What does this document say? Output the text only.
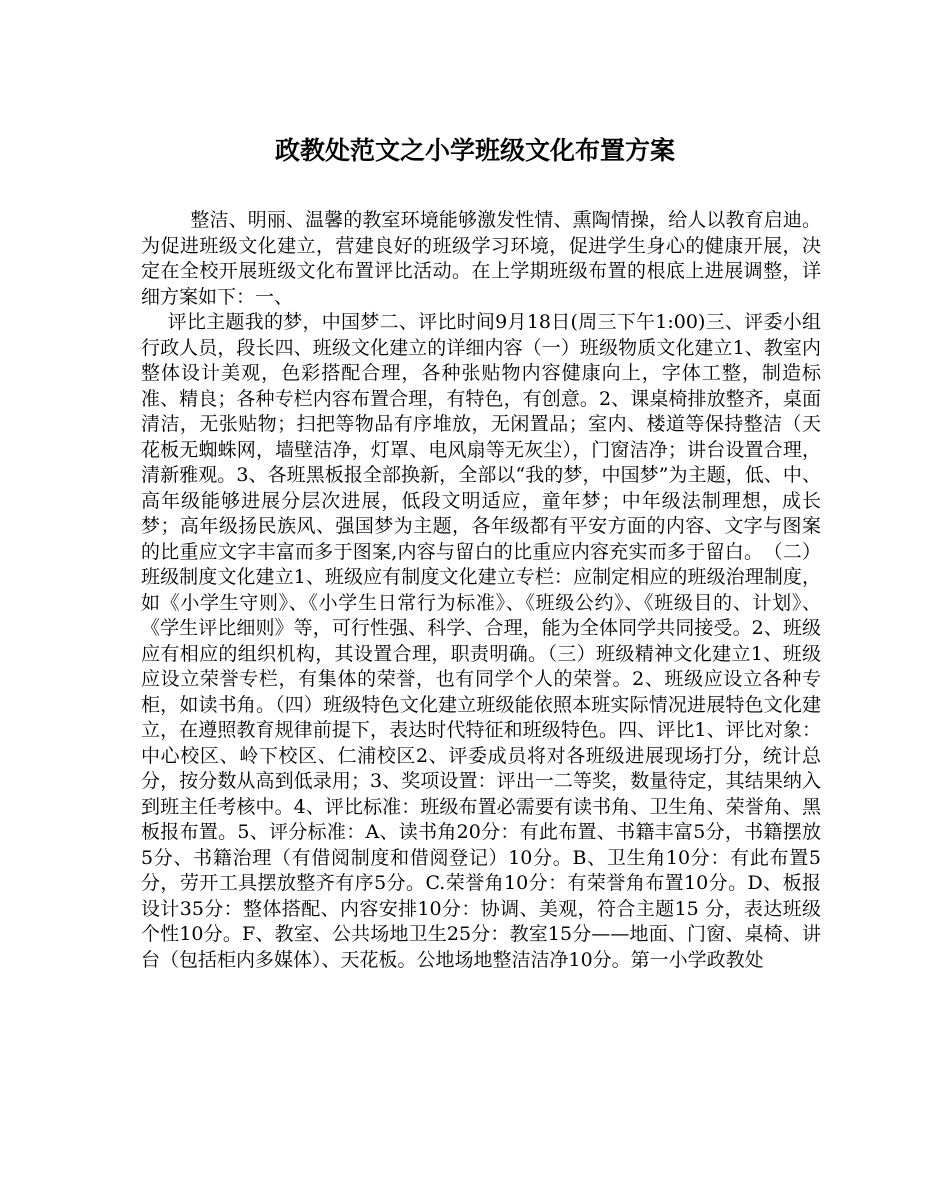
政教处范文之小学班级文化布置方案

整洁、明丽、温馨的教室环境能够激发性情、熏陶情操，给人以教育启迪。为促进班级文化建立，营建良好的班级学习环境，促进学生身心的健康开展，决定在全校开展班级文化布置评比活动。在上学期班级布置的根底上进展调整，详细方案如下：一、

评比主题我的梦，中国梦二、评比时间9月18日(周三下午1:00)三、评委小组行政人员，段长四、班级文化建立的详细内容（一）班级物质文化建立1、教室内整体设计美观，色彩搭配合理，各种张贴物内容健康向上，字体工整，制造标准、精良；各种专栏内容布置合理，有特色，有创意。2、课桌椅排放整齐，桌面清洁，无张贴物；扫把等物品有序堆放，无闲置品；室内、楼道等保持整洁（天花板无蜘蛛网，墙壁洁净，灯罩、电风扇等无灰尘），门窗洁净；讲台设置合理，清新雅观。3、各班黑板报全部换新，全部以“我的梦，中国梦”为主题，低、中、高年级能够进展分层次进展，低段文明适应，童年梦；中年级法制理想，成长梦；高年级扬民族风、强国梦为主题，各年级都有平安方面的内容、文字与图案的比重应文字丰富而多于图案,内容与留白的比重应内容充实而多于留白。　（二）班级制度文化建立1、班级应有制度文化建立专栏：应制定相应的班级治理制度，如《小学生守则》、《小学生日常行为标准》、《班级公约》、《班级目的、计划》、《学生评比细则》等，可行性强、科学、合理，能为全体同学共同接受。2、班级应有相应的组织机构，其设置合理，职责明确。（三）班级精神文化建立1、班级应设立荣誉专栏，有集体的荣誉，也有同学个人的荣誉。2、班级应设立各种专柜，如读书角。（四）班级特色文化建立班级能依照本班实际情况进展特色文化建立，在遵照教育规律前提下，表达时代特征和班级特色。四、评比1、评比对象：中心校区、岭下校区、仁浦校区2、评委成员将对各班级进展现场打分，统计总分，按分数从高到低录用；3、奖项设置：评出一二等奖，数量待定，其结果纳入到班主任考核中。4、评比标准：班级布置必需要有读书角、卫生角、荣誉角、黑板报布置。5、评分标准：A、读书角20分：有此布置、书籍丰富5分，书籍摆放5分、书籍治理（有借阅制度和借阅登记）10分。B、卫生角10分：有此布置5分，劳开工具摆放整齐有序5分。C.荣誉角10分：有荣誉角布置10分。D、板报设计35分：整体搭配、内容安排10分：协调、美观，符合主题15 分，表达班级个性10分。F、教室、公共场地卫生25分：教室15分——地面、门窗、桌椅、讲台（包括柜内多媒体）、天花板。公地场地整洁洁净10分。第一小学政教处
